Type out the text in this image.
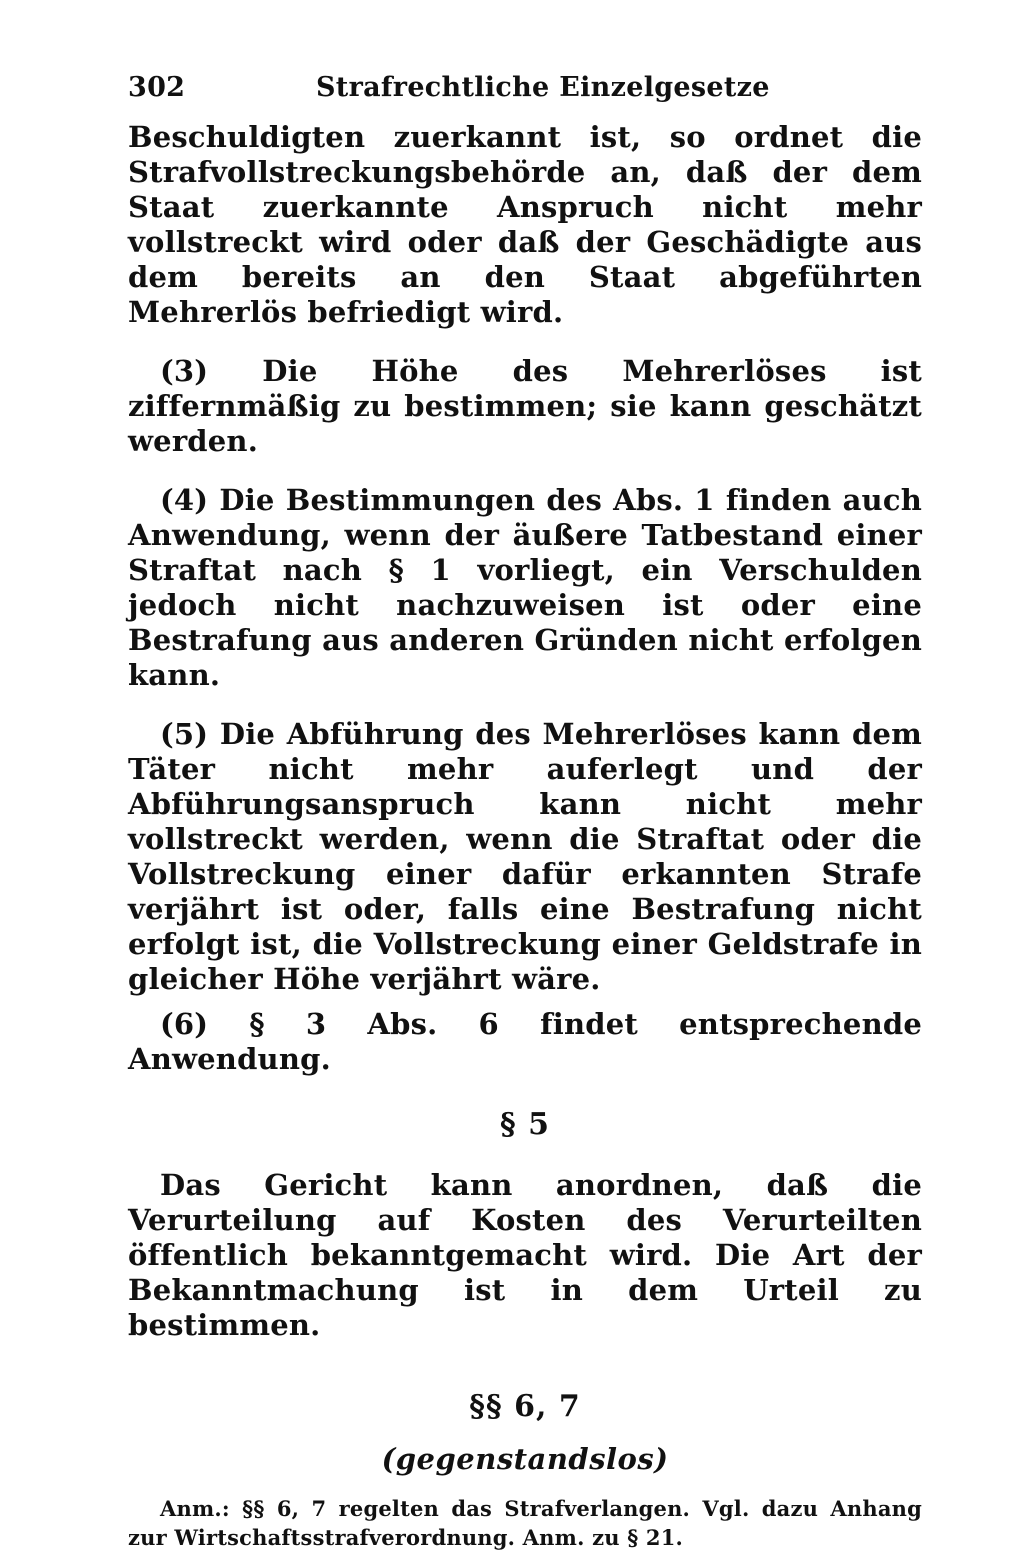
302	Strafrechtliche Einzelgesetze

Beschuldigten zuerkannt ist, so ordnet die Strafvollstreckungsbehörde an, daß der dem Staat zuerkannte Anspruch nicht mehr vollstreckt wird oder daß der Geschädigte aus dem bereits an den Staat abgeführten Mehrerlös befriedigt wird.

(3) Die Höhe des Mehrerlöses ist ziffernmäßig zu bestimmen; sie kann geschätzt werden.

(4) Die Bestimmungen des Abs. 1 finden auch Anwendung, wenn der äußere Tatbestand einer Straftat nach § 1 vorliegt, ein Verschulden jedoch nicht nachzuweisen ist oder eine Bestrafung aus anderen Gründen nicht erfolgen kann.

(5) Die Abführung des Mehrerlöses kann dem Täter nicht mehr auferlegt und der Abführungsanspruch kann nicht mehr vollstreckt werden, wenn die Straftat oder die Vollstreckung einer dafür erkannten Strafe verjährt ist oder, falls eine Bestrafung nicht erfolgt ist, die Vollstreckung einer Geldstrafe in gleicher Höhe verjährt wäre.

(6) § 3 Abs. 6 findet entsprechende Anwendung.

§ 5

Das Gericht kann anordnen, daß die Verurteilung auf Kosten des Verurteilten öffentlich bekanntgemacht wird. Die Art der Bekanntmachung ist in dem Urteil zu bestimmen.

§§ 6, 7
(gegenstandslos)

Anm.: §§ 6, 7 regelten das Strafverlangen. Vgl. dazu Anhang zur Wirtschaftsstrafverordnung. Anm. zu § 21.
